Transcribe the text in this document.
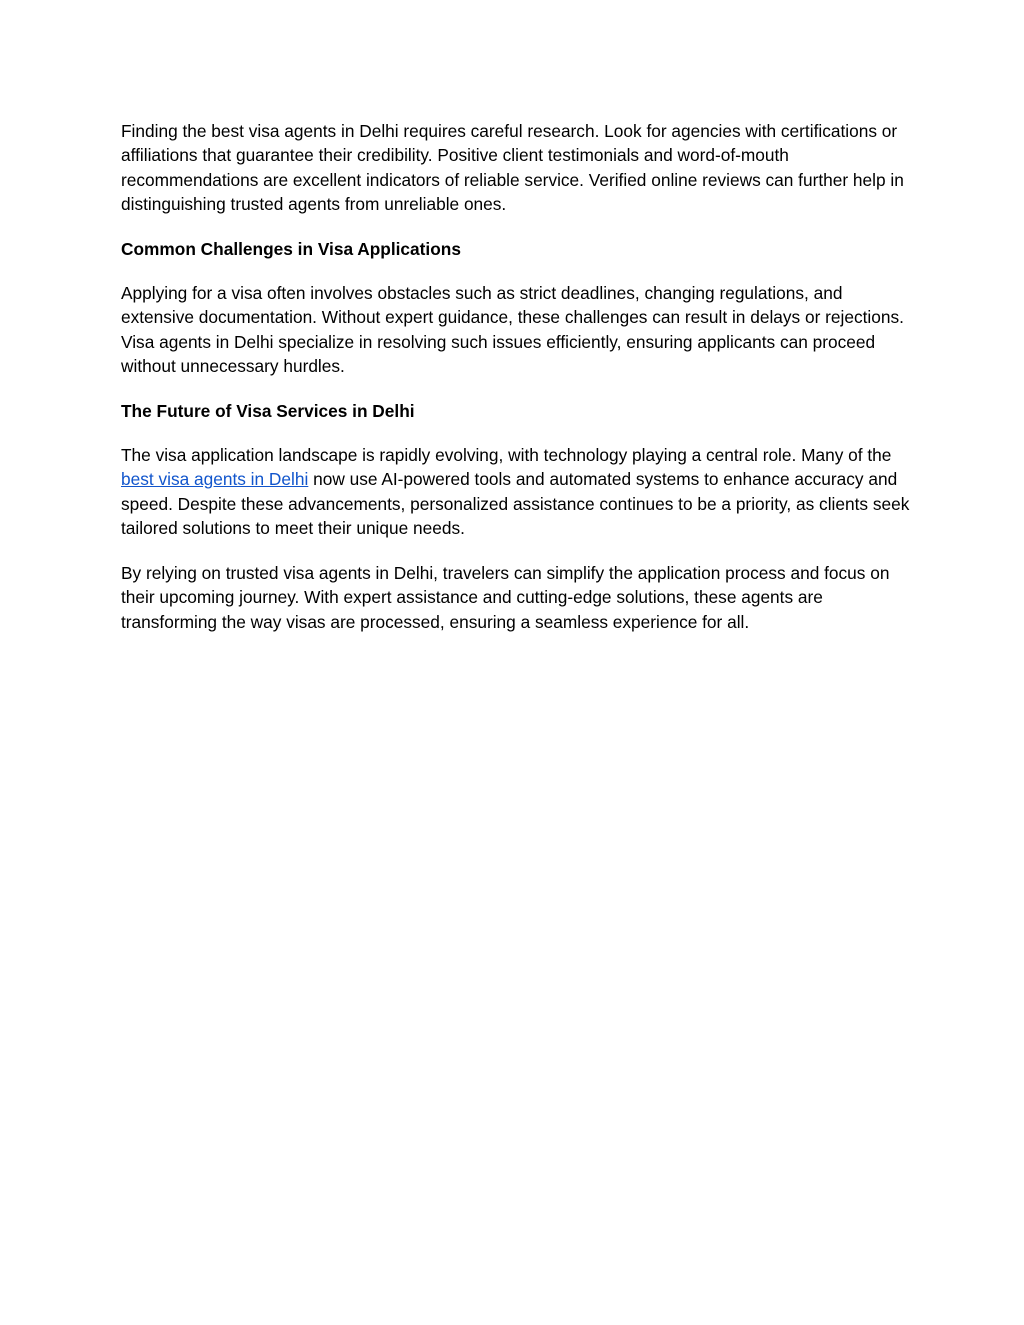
Finding the best visa agents in Delhi requires careful research. Look for agencies with certifications or affiliations that guarantee their credibility. Positive client testimonials and word-of-mouth recommendations are excellent indicators of reliable service. Verified online reviews can further help in distinguishing trusted agents from unreliable ones.

Common Challenges in Visa Applications

Applying for a visa often involves obstacles such as strict deadlines, changing regulations, and extensive documentation. Without expert guidance, these challenges can result in delays or rejections. Visa agents in Delhi specialize in resolving such issues efficiently, ensuring applicants can proceed without unnecessary hurdles.

The Future of Visa Services in Delhi

The visa application landscape is rapidly evolving, with technology playing a central role. Many of the best visa agents in Delhi now use AI-powered tools and automated systems to enhance accuracy and speed. Despite these advancements, personalized assistance continues to be a priority, as clients seek tailored solutions to meet their unique needs.

By relying on trusted visa agents in Delhi, travelers can simplify the application process and focus on their upcoming journey. With expert assistance and cutting-edge solutions, these agents are transforming the way visas are processed, ensuring a seamless experience for all.
